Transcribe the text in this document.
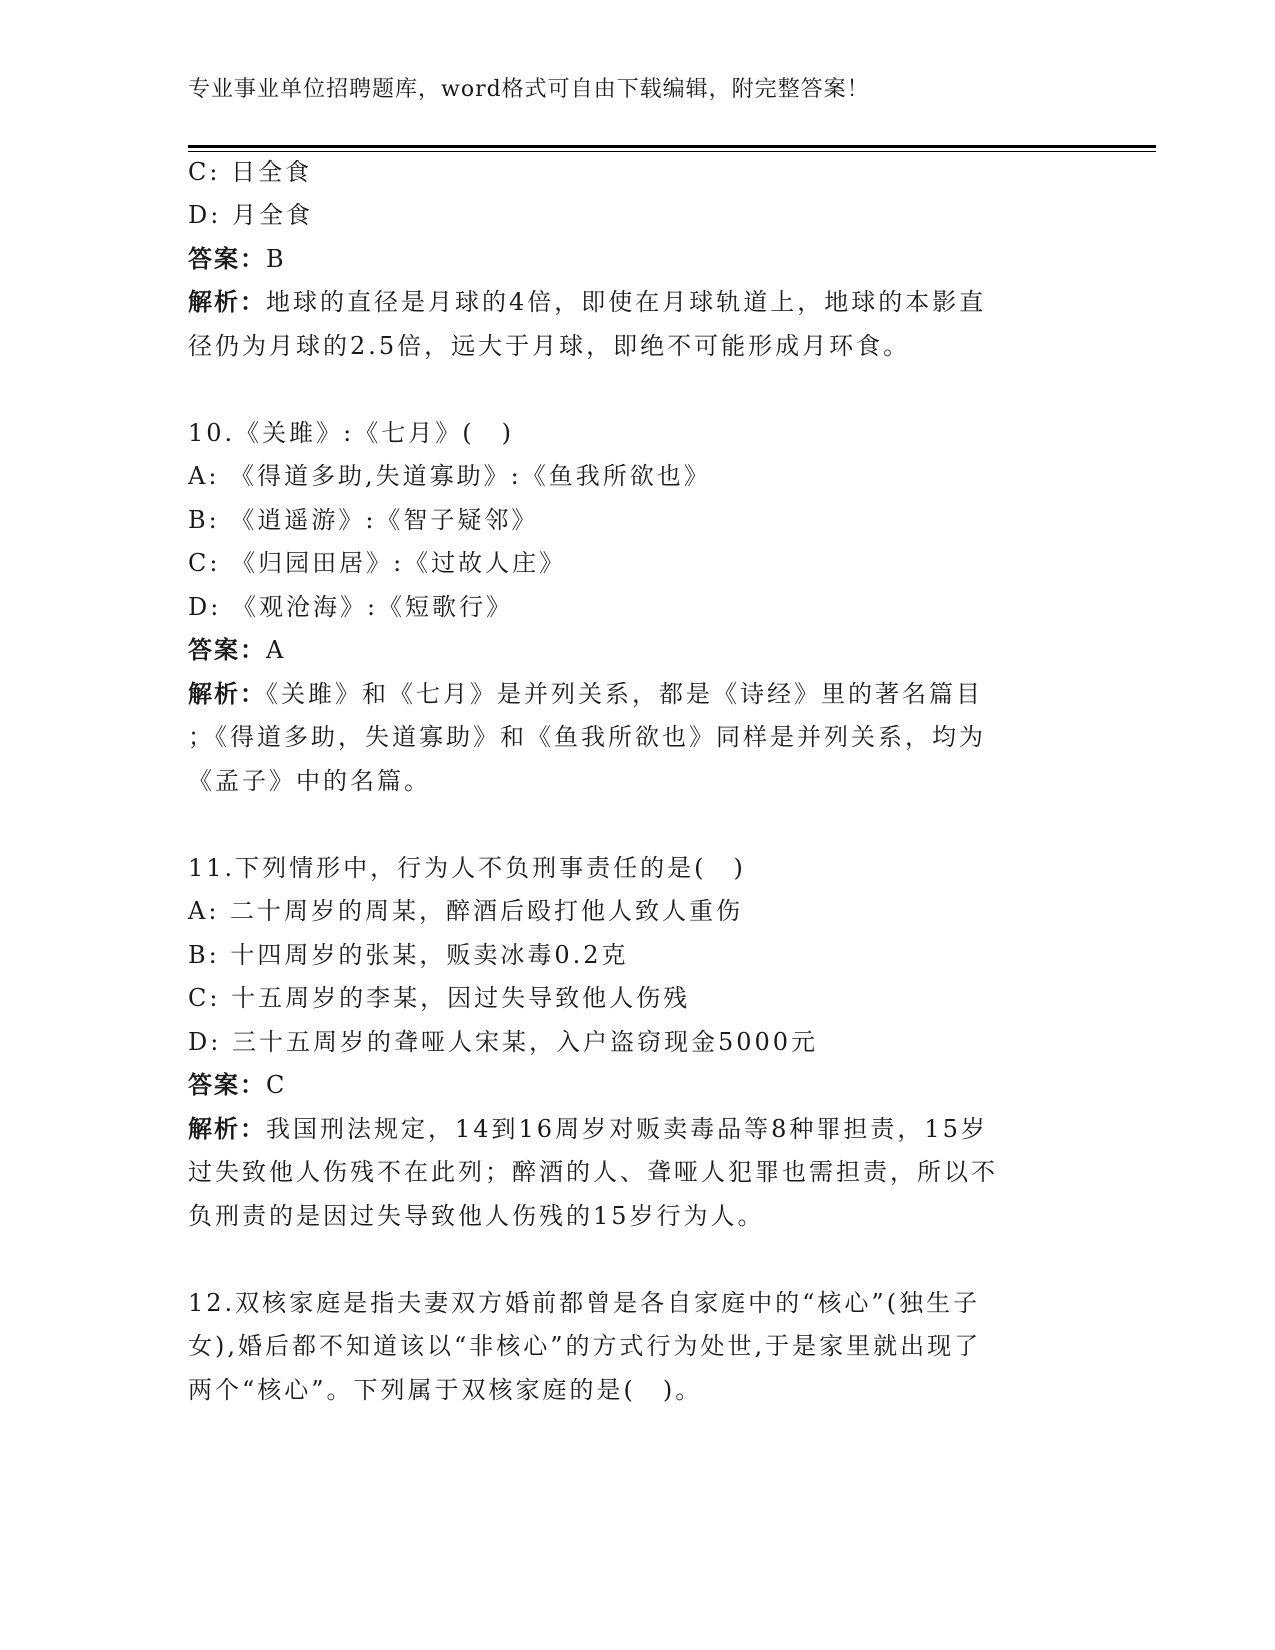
专业事业单位招聘题库，word格式可自由下载编辑，附完整答案！
C: 日全食
D: 月全食
答案：B
解析：地球的直径是月球的4倍，即使在月球轨道上，地球的本影直
径仍为月球的2.5倍，远大于月球，即绝不可能形成月环食。
10.《关雎》:《七月》(　)
A: 《得道多助,失道寡助》:《鱼我所欲也》
B: 《逍遥游》:《智子疑邻》
C: 《归园田居》:《过故人庄》
D: 《观沧海》:《短歌行》
答案：A
解析：《关雎》和《七月》是并列关系，都是《诗经》里的著名篇目
；《得道多助，失道寡助》和《鱼我所欲也》同样是并列关系，均为
《孟子》中的名篇。
11.下列情形中，行为人不负刑事责任的是(　)
A: 二十周岁的周某，醉酒后殴打他人致人重伤
B: 十四周岁的张某，贩卖冰毒0.2克
C: 十五周岁的李某，因过失导致他人伤残
D: 三十五周岁的聋哑人宋某，入户盗窃现金5000元
答案：C
解析：我国刑法规定，14到16周岁对贩卖毒品等8种罪担责，15岁
过失致他人伤残不在此列；醉酒的人、聋哑人犯罪也需担责，所以不
负刑责的是因过失导致他人伤残的15岁行为人。
12.双核家庭是指夫妻双方婚前都曾是各自家庭中的“核心”(独生子
女),婚后都不知道该以“非核心”的方式行为处世,于是家里就出现了
两个“核心”。下列属于双核家庭的是(　)。
